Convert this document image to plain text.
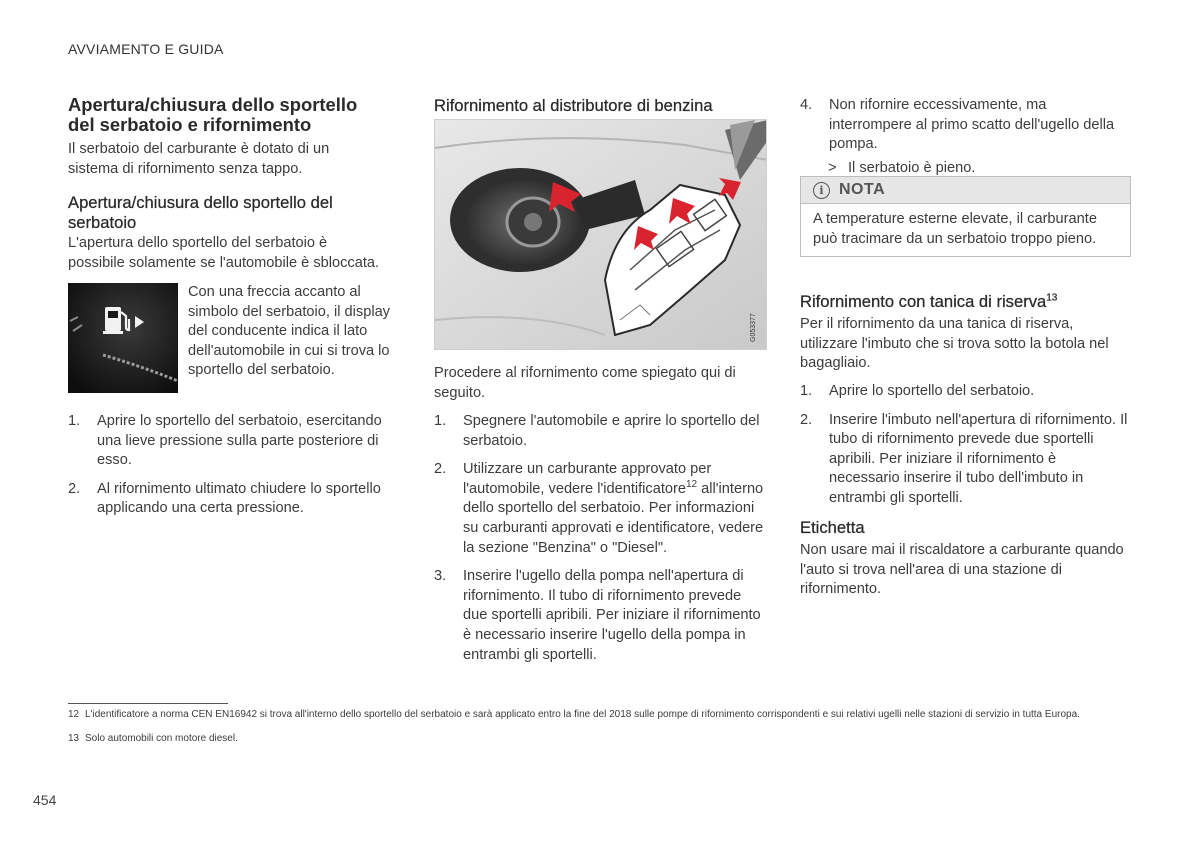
AVVIAMENTO E GUIDA
Apertura/chiusura dello sportello del serbatoio e rifornimento

Il serbatoio del carburante è dotato di un sistema di rifornimento senza tappo.

Apertura/chiusura dello sportello del serbatoio

L'apertura dello sportello del serbatoio è possibile solamente se l'automobile è sbloccata.

Con una freccia accanto al simbolo del serbatoio, il display del conducente indica il lato dell'automobile in cui si trova lo sportello del serbatoio.

1. Aprire lo sportello del serbatoio, esercitando una lieve pressione sulla parte posteriore di esso.
2. Al rifornimento ultimato chiudere lo sportello applicando una certa pressione.
Rifornimento al distributore di benzina
G053377

Procedere al rifornimento come spiegato qui di seguito.

1. Spegnere l'automobile e aprire lo sportello del serbatoio.
2. Utilizzare un carburante approvato per l'automobile, vedere l'identificatore$^{12}$ all'interno dello sportello del serbatoio. Per informazioni su carburanti approvati e identificatore, vedere la sezione "Benzina" o "Diesel".
3. Inserire l'ugello della pompa nell'apertura di rifornimento. Il tubo di rifornimento prevede due sportelli apribili. Per iniziare il rifornimento è necessario inserire l'ugello della pompa in entrambi gli sportelli.
4. Non rifornire eccessivamente, ma interrompere al primo scatto dell'ugello della pompa.
> Il serbatoio è pieno.
i NOTA
A temperature esterne elevate, il carburante può tracimare da un serbatoio troppo pieno.
Rifornimento con tanica di riserva$^{13}$

Per il rifornimento da una tanica di riserva, utilizzare l'imbuto che si trova sotto la botola nel bagagliaio.

1. Aprire lo sportello del serbatoio.
2. Inserire l'imbuto nell'apertura di rifornimento. Il tubo di rifornimento prevede due sportelli apribili. Per iniziare il rifornimento è necessario inserire il tubo dell'imbuto in entrambi gli sportelli.
Etichetta

Non usare mai il riscaldatore a carburante quando l'auto si trova nell'area di una stazione di rifornimento.

12 L'identificatore a norma CEN EN16942 si trova all'interno dello sportello del serbatoio e sarà applicato entro la fine del 2018 sulle pompe di rifornimento corrispondenti e sui relativi ugelli nelle stazioni di servizio in tutta Europa.
13 Solo automobili con motore diesel.
454
